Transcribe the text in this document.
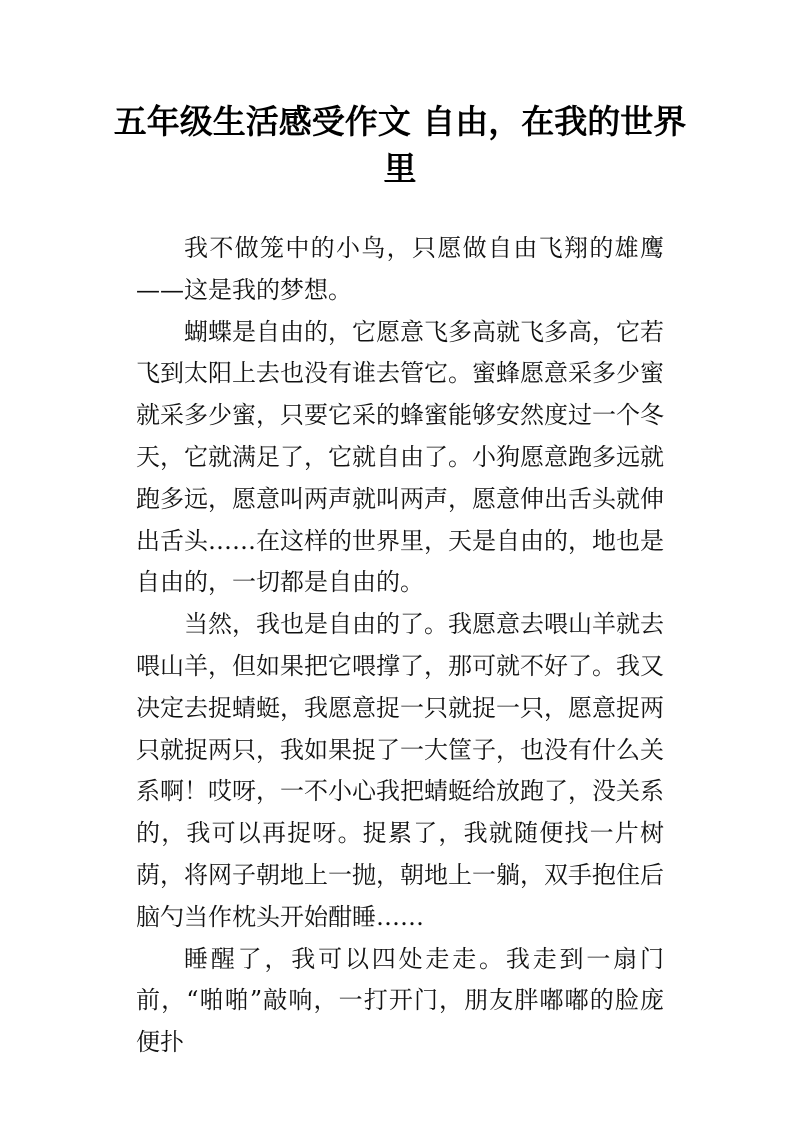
五年级生活感受作文 自由，在我的世界里

我不做笼中的小鸟，只愿做自由飞翔的雄鹰——这是我的梦想。

蝴蝶是自由的，它愿意飞多高就飞多高，它若飞到太阳上去也没有谁去管它。蜜蜂愿意采多少蜜就采多少蜜，只要它采的蜂蜜能够安然度过一个冬天，它就满足了，它就自由了。小狗愿意跑多远就跑多远，愿意叫两声就叫两声，愿意伸出舌头就伸出舌头……在这样的世界里，天是自由的，地也是自由的，一切都是自由的。

当然，我也是自由的了。我愿意去喂山羊就去喂山羊，但如果把它喂撑了，那可就不好了。我又决定去捉蜻蜓，我愿意捉一只就捉一只，愿意捉两只就捉两只，我如果捉了一大筐子，也没有什么关系啊！哎呀，一不小心我把蜻蜓给放跑了，没关系的，我可以再捉呀。捉累了，我就随便找一片树荫，将网子朝地上一抛，朝地上一躺，双手抱住后脑勺当作枕头开始酣睡……

睡醒了，我可以四处走走。我走到一扇门前，“啪啪”敲响，一打开门，朋友胖嘟嘟的脸庞便扑
